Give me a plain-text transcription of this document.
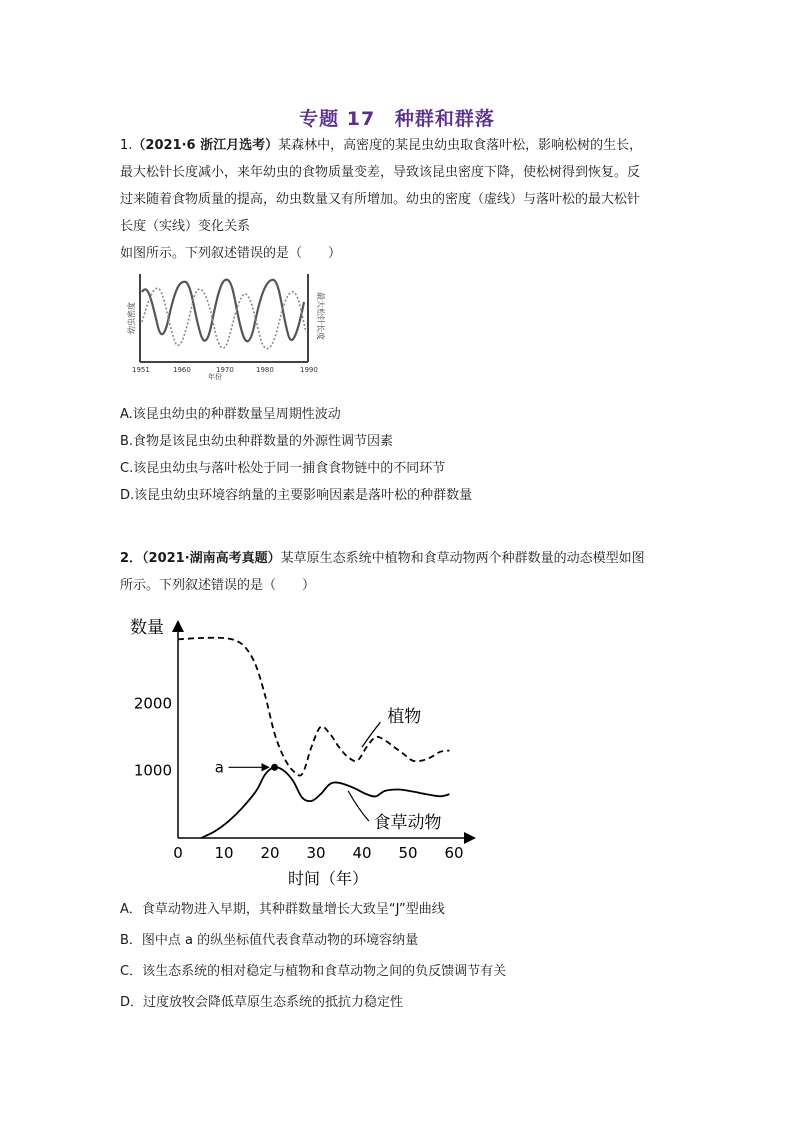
专题 17 种群和群落
1.（2021·6 浙江月选考）某森林中，高密度的某昆虫幼虫取食落叶松，影响松树的生长，
最大松针长度减小，来年幼虫的食物质量变差，导致该昆虫密度下降，使松树得到恢复。反
过来随着食物质量的提高，幼虫数量又有所增加。幼虫的密度（虚线）与落叶松的最大松针
长度（实线）变化关系
如图所示。下列叙述错误的是（　　）
幼虫密度	最大松针长度
1951	1960	1970	1980	1990
年份
A.该昆虫幼虫的种群数量呈周期性波动
B.食物是该昆虫幼虫种群数量的外源性调节因素
C.该昆虫幼虫与落叶松处于同一捕食食物链中的不同环节
D.该昆虫幼虫环境容纳量的主要影响因素是落叶松的种群数量
2．（2021·湖南高考真题）某草原生态系统中植物和食草动物两个种群数量的动态模型如图
所示。下列叙述错误的是（　　）
0 10 20 30 40 50 60
1000
2000
数量
时间（年）
植物
食草动物
a
A．食草动物进入早期，其种群数量增长大致呈“J”型曲线
B．图中点 a 的纵坐标值代表食草动物的环境容纳量
C．该生态系统的相对稳定与植物和食草动物之间的负反馈调节有关
D．过度放牧会降低草原生态系统的抵抗力稳定性
